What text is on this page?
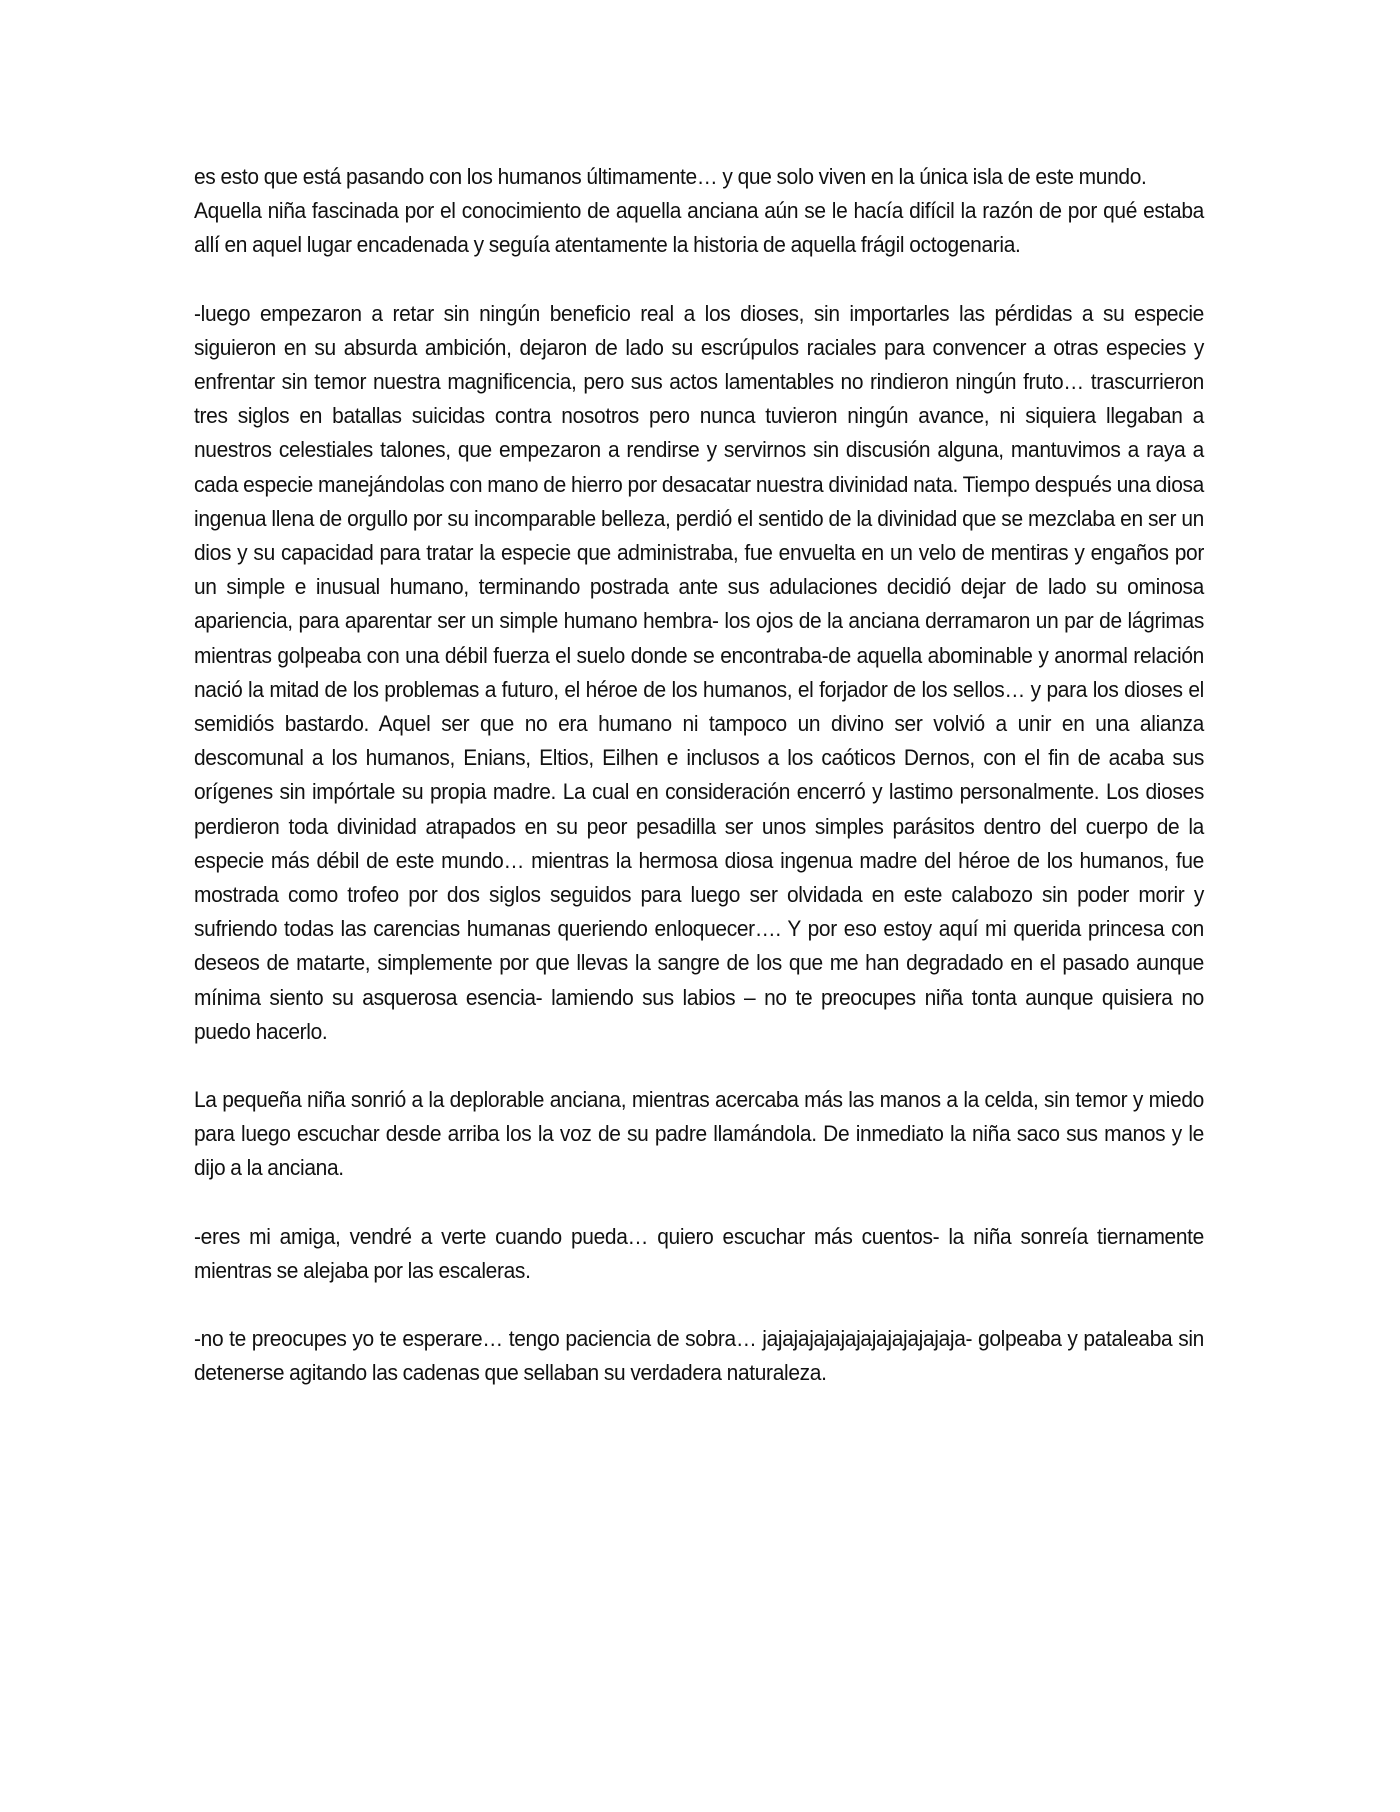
es esto que está pasando con los humanos últimamente… y que solo viven en la única isla de este mundo.

Aquella niña fascinada por el conocimiento de aquella anciana aún se le hacía difícil la razón de por qué estaba allí en aquel lugar encadenada y seguía atentamente la historia de aquella frágil octogenaria.

-luego empezaron a retar sin ningún beneficio real a los dioses, sin importarles las pérdidas a su especie siguieron en su absurda ambición, dejaron de lado su escrúpulos raciales para convencer a otras especies y enfrentar sin temor nuestra magnificencia, pero sus actos lamentables no rindieron ningún fruto… trascurrieron tres siglos en batallas suicidas contra nosotros pero nunca tuvieron ningún avance, ni siquiera llegaban a nuestros celestiales talones, que empezaron a rendirse y servirnos sin discusión alguna, mantuvimos a raya a cada especie manejándolas con mano de hierro por desacatar nuestra divinidad nata. Tiempo después una diosa ingenua llena de orgullo por su incomparable belleza, perdió el sentido de la divinidad que se mezclaba en ser un dios y su capacidad para tratar la especie que administraba, fue envuelta en un velo de mentiras y engaños por un simple e inusual humano, terminando postrada ante sus adulaciones decidió dejar de lado su ominosa apariencia, para aparentar ser un simple humano hembra- los ojos de la anciana derramaron un par de lágrimas mientras golpeaba con una débil fuerza el suelo donde se encontraba-de aquella abominable y anormal relación nació la mitad de los problemas a futuro, el héroe de los humanos, el forjador de los sellos… y para los dioses el semidiós bastardo. Aquel ser que no era humano ni tampoco un divino ser volvió a unir en una alianza descomunal a los humanos, Enians, Eltios, Eilhen e inclusos a los caóticos Dernos, con el fin de acaba sus orígenes sin impórtale su propia madre. La cual en consideración encerró y lastimo personalmente. Los dioses perdieron toda divinidad atrapados en su peor pesadilla ser unos simples parásitos dentro del cuerpo de la especie más débil de este mundo… mientras la hermosa diosa ingenua madre del héroe de los humanos, fue mostrada como trofeo por dos siglos seguidos para luego ser olvidada en este calabozo sin poder morir y sufriendo todas las carencias humanas queriendo enloquecer…. Y por eso estoy aquí mi querida princesa con deseos de matarte, simplemente por que llevas la sangre de los que me han degradado en el pasado aunque mínima siento su asquerosa esencia- lamiendo sus labios – no te preocupes niña tonta aunque quisiera no puedo hacerlo.

La pequeña niña sonrió a la deplorable anciana, mientras acercaba más las manos a la celda, sin temor y miedo para luego escuchar desde arriba los la voz de su padre llamándola. De inmediato la niña saco sus manos y le dijo a la anciana.

-eres mi amiga, vendré a verte cuando pueda… quiero escuchar más cuentos- la niña sonreía tiernamente mientras se alejaba por las escaleras.

-no te preocupes yo te esperare… tengo paciencia de sobra… jajajajajajajajajajajajaja- golpeaba y pataleaba sin detenerse agitando las cadenas que sellaban su verdadera naturaleza.
